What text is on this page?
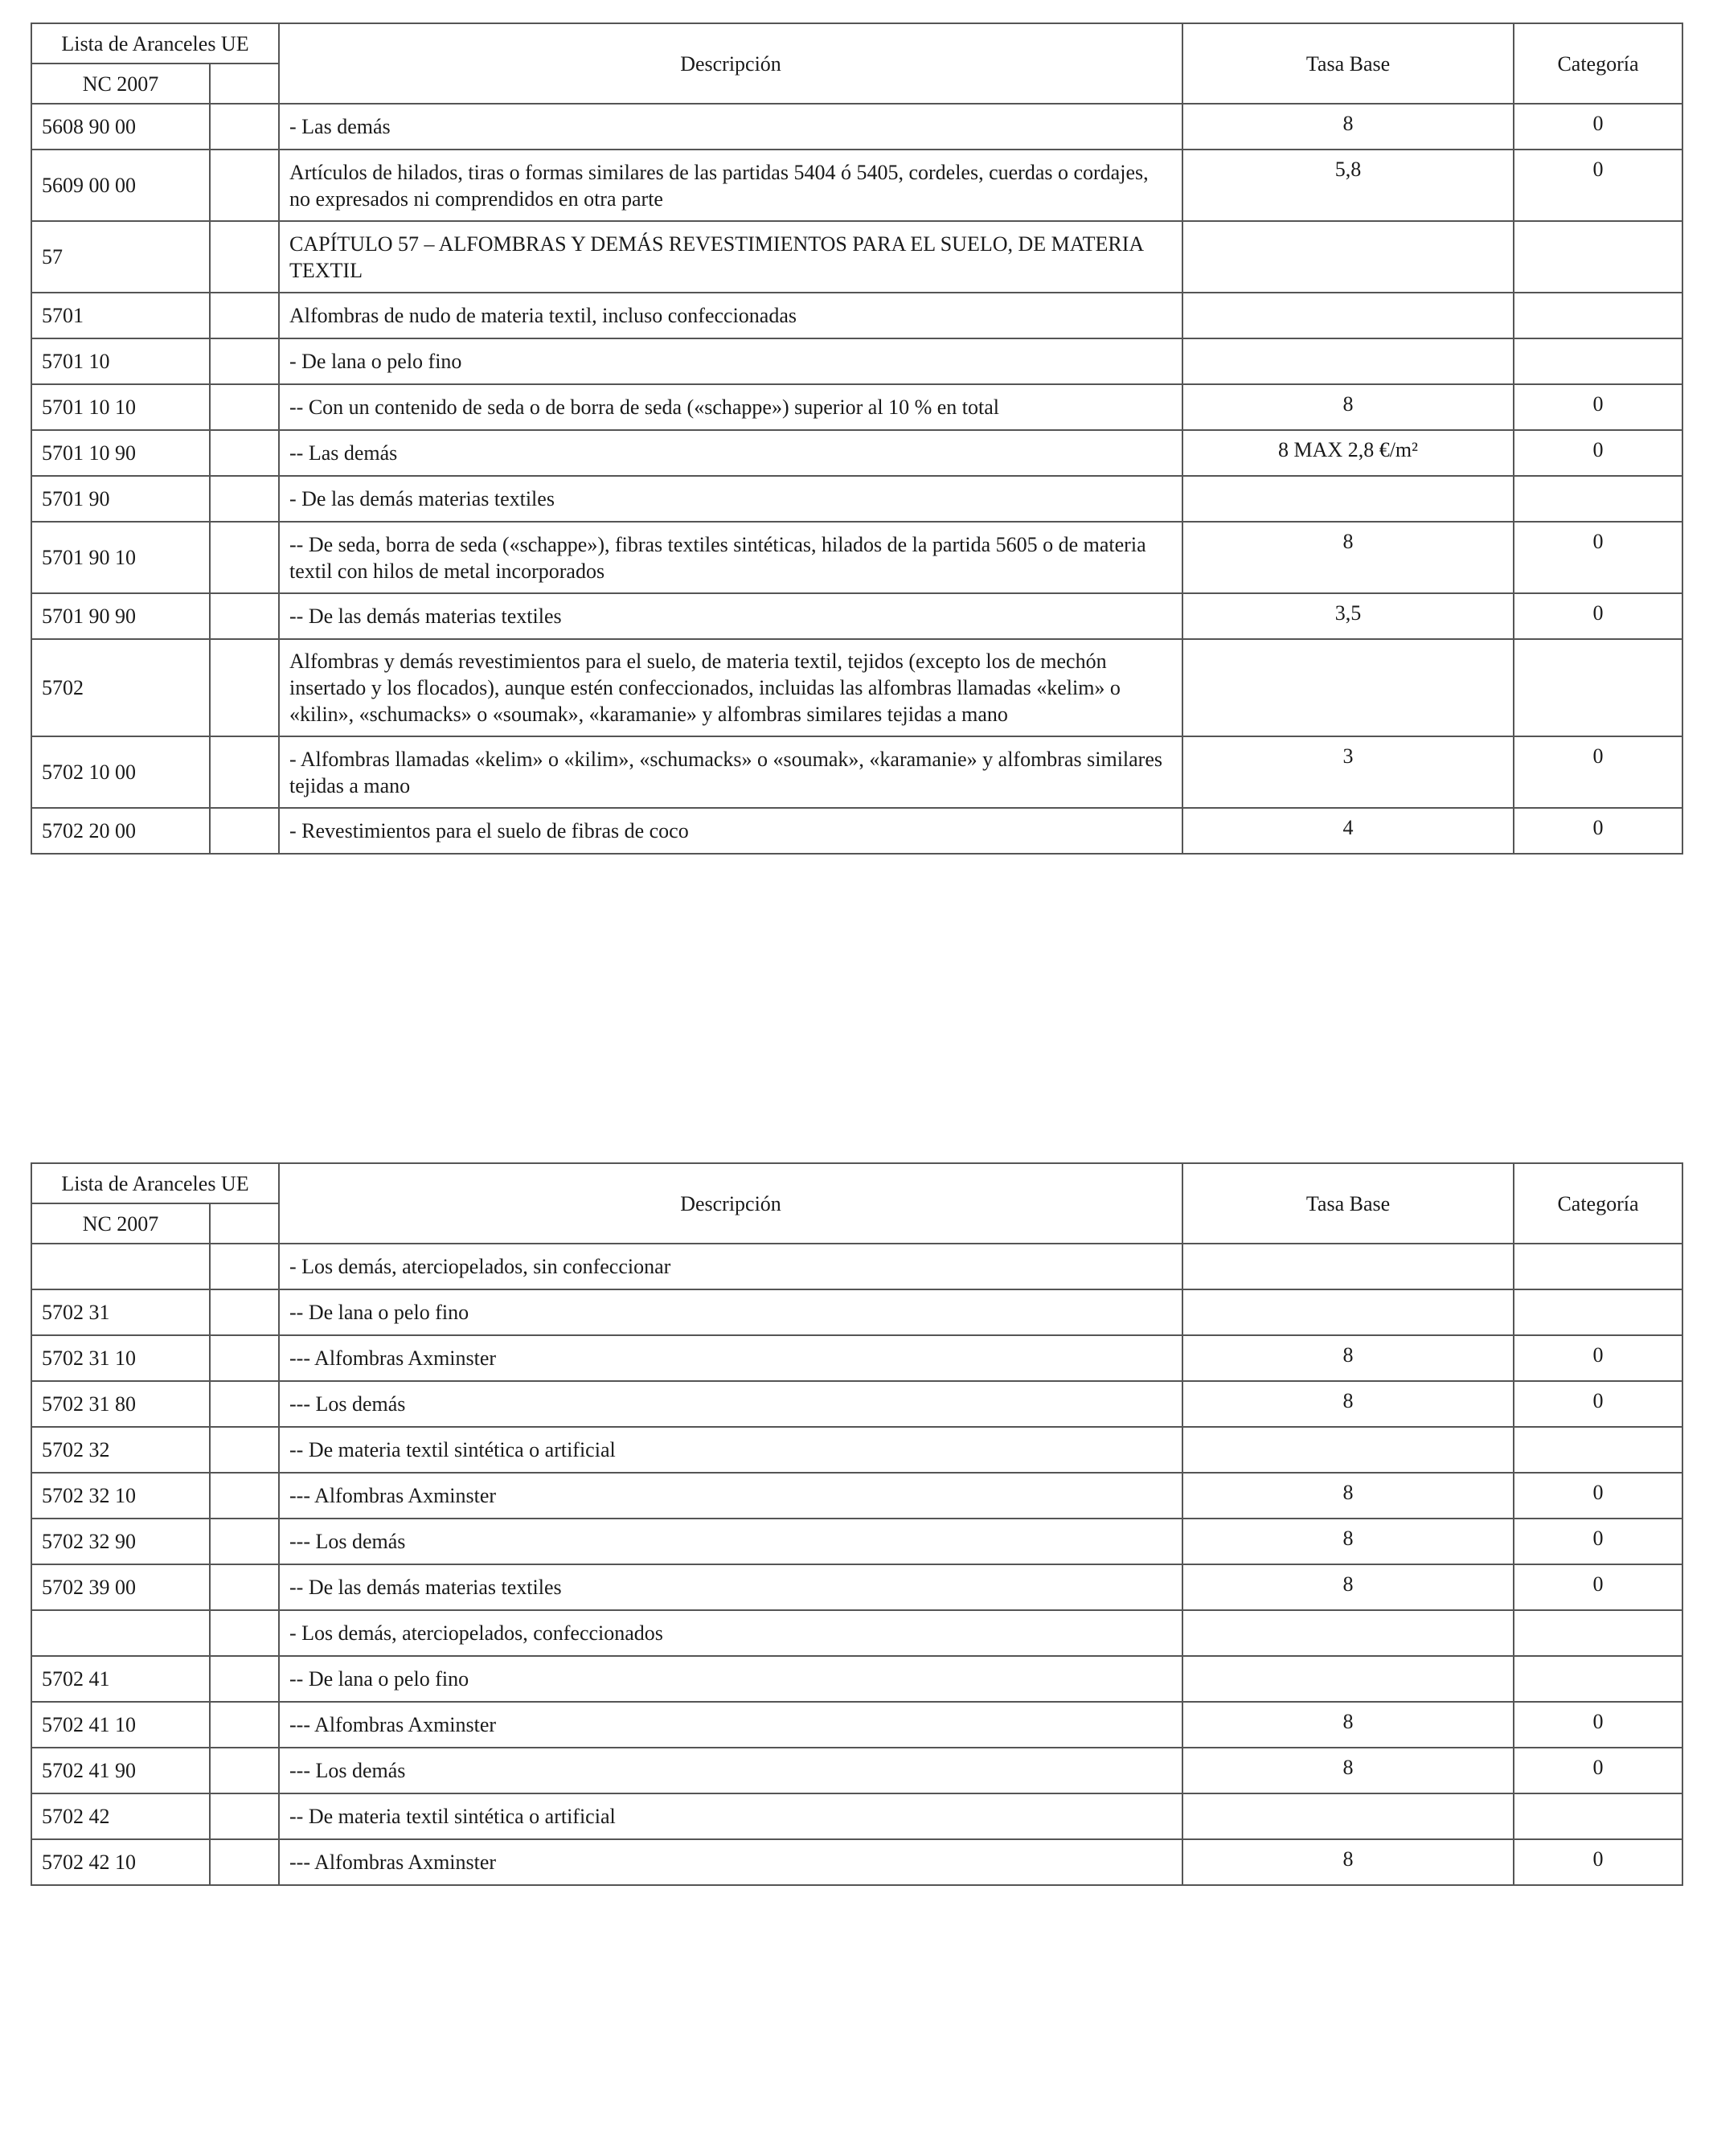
Lista de Aranceles UE		Descripción	Tasa Base	Categoría
NC 2007				
5608 90 00		- Las demás	8	0
5609 00 00		Artículos de hilados, tiras o formas similares de las partidas 5404 ó 5405, cordeles, cuerdas o cordajes, no expresados ni comprendidos en otra parte	5,8	0
57		CAPÍTULO 57 – ALFOMBRAS Y DEMÁS REVESTIMIENTOS PARA EL SUELO, DE MATERIA TEXTIL		
5701		Alfombras de nudo de materia textil, incluso confeccionadas		
5701 10		- De lana o pelo fino		
5701 10 10		-- Con un contenido de seda o de borra de seda («schappe») superior al 10 % en total	8	0
5701 10 90		-- Las demás	8 MAX 2,8 €/m²	0
5701 90		- De las demás materias textiles		
5701 90 10		-- De seda, borra de seda («schappe»), fibras textiles sintéticas, hilados de la partida 5605 o de materia textil con hilos de metal incorporados	8	0
5701 90 90		-- De las demás materias textiles	3,5	0
5702		Alfombras y demás revestimientos para el suelo, de materia textil, tejidos (excepto los de mechón insertado y los flocados), aunque estén confeccionados, incluidas las alfombras llamadas «kelim» o «kilin», «schumacks» o «soumak», «karamanie» y alfombras similares tejidas a mano		
5702 10 00		- Alfombras llamadas «kelim» o «kilim», «schumacks» o «soumak», «karamanie» y alfombras similares tejidas a mano	3	0
5702 20 00		- Revestimientos para el suelo de fibras de coco	4	0
Lista de Aranceles UE		Descripción	Tasa Base	Categoría
NC 2007				
		- Los demás, aterciopelados, sin confeccionar		
5702 31		-- De lana o pelo fino		
5702 31 10		--- Alfombras Axminster	8	0
5702 31 80		--- Los demás	8	0
5702 32		-- De materia textil sintética o artificial		
5702 32 10		--- Alfombras Axminster	8	0
5702 32 90		--- Los demás	8	0
5702 39 00		-- De las demás materias textiles	8	0
		- Los demás, aterciopelados, confeccionados		
5702 41		-- De lana o pelo fino		
5702 41 10		--- Alfombras Axminster	8	0
5702 41 90		--- Los demás	8	0
5702 42		-- De materia textil sintética o artificial		
5702 42 10		--- Alfombras Axminster	8	0
